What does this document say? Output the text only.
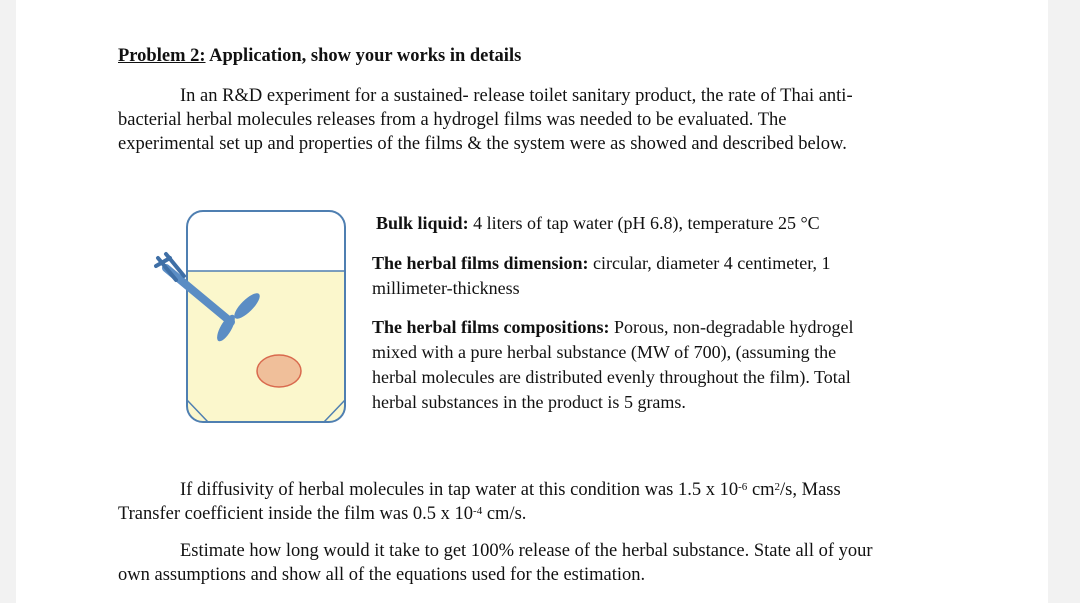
Problem 2: Application, show your works in details
In an R&D experiment for a sustained- release toilet sanitary product, the rate of Thai anti-
bacterial herbal molecules releases from a hydrogel films was needed to be evaluated. The
experimental set up and properties of the films & the system were as showed and described below.
Bulk liquid: 4 liters of tap water (pH 6.8), temperature 25 °C
The herbal films dimension: circular, diameter 4 centimeter, 1
millimeter-thickness
The herbal films compositions: Porous, non-degradable hydrogel
mixed with a pure herbal substance (MW of 700), (assuming the
herbal molecules are distributed evenly throughout the film). Total
herbal substances in the product is 5 grams.
If diffusivity of herbal molecules in tap water at this condition was 1.5 x $10^{-6}$ $cm^2/s$, Mass
Transfer coefficient inside the film was 0.5 x $10^{-4}$ cm/s.
Estimate how long would it take to get 100% release of the herbal substance. State all of your
own assumptions and show all of the equations used for the estimation.
